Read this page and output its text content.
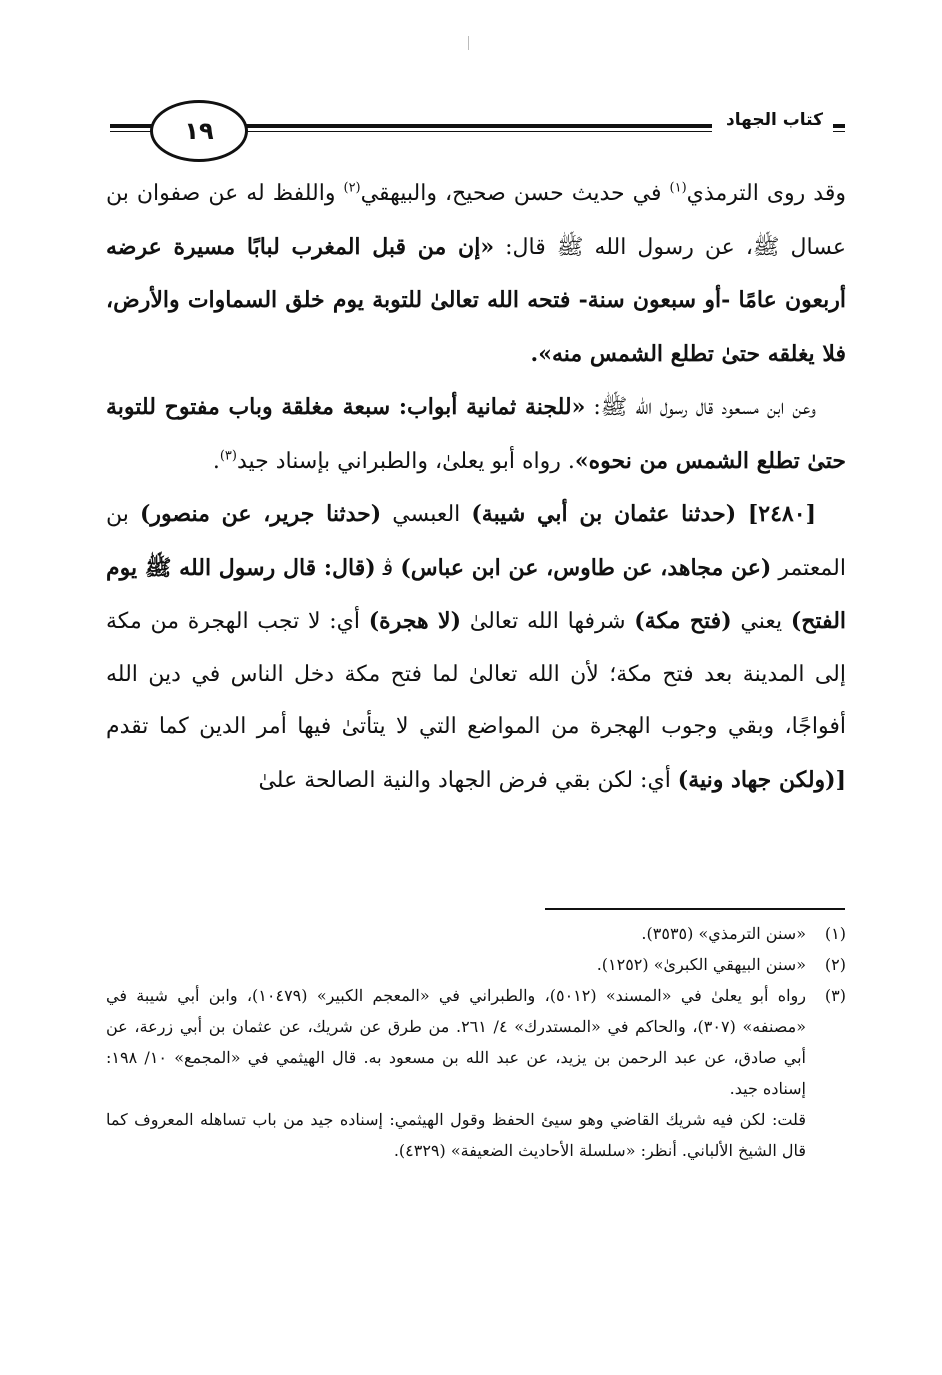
١٩	كتاب الجهاد

وقد روى الترمذي$^{(١)}$ في حديث حسن صحيح، والبيهقي$^{(٢)}$ واللفظ له عن صفوان بن عسال ﷺ، عن رسول الله ﷺ قال: «إن من قبل المغرب لبابًا مسيرة عرضه أربعون عامًا -أو سبعون سنة- فتحه الله تعالىٰ للتوبة يوم خلق السماوات والأرض، فلا يغلقه حتىٰ تطلع الشمس منه».

وعن ابن مسعود قال رسول الله ﷺ: «للجنة ثمانية أبواب: سبعة مغلقة وباب مفتوح للتوبة حتىٰ تطلع الشمس من نحوه». رواه أبو يعلىٰ، والطبراني بإسناد جيد$^{(٣)}$.

[٢٤٨٠] (حدثنا عثمان بن أبي شيبة) العبسي (حدثنا جرير، عن منصور) بن المعتمر (عن مجاهد، عن طاوس، عن ابن عباس) ﭬ (قال: قال رسول الله ﷺ يوم الفتح) يعني (فتح مكة) شرفها الله تعالىٰ (لا هجرة) أي: لا تجب الهجرة من مكة إلى المدينة بعد فتح مكة؛ لأن الله تعالىٰ لما فتح مكة دخل الناس في دين الله أفواجًا، وبقي وجوب الهجرة من المواضع التي لا يتأتىٰ فيها أمر الدين كما تقدم [(ولكن جهاد ونية) أي: لكن بقي فرض الجهاد والنية الصالحة علىٰ

(١)
«سنن الترمذي» (٣٥٣٥).
(٢)
«سنن البيهقي الكبرىٰ» (١٢٥٢).
(٣)
رواه أبو يعلىٰ في «المسند» (٥٠١٢)، والطبراني في «المعجم الكبير» (١٠٤٧٩)، وابن أبي شيبة في «مصنفه» (٣٠٧)، والحاكم في «المستدرك» ٤/ ٢٦١. من طرق عن شريك، عن عثمان بن أبي زرعة، عن أبي صادق، عن عبد الرحمن بن يزيد، عن عبد الله بن مسعود به. قال الهيثمي في «المجمع» ١٠/ ١٩٨: إسناده جيد.

قلت: لكن فيه شريك القاضي وهو سيئ الحفظ وقول الهيثمي: إسناده جيد من باب تساهله المعروف كما قال الشيخ الألباني. أنظر: «سلسلة الأحاديث الضعيفة» (٤٣٢٩).
